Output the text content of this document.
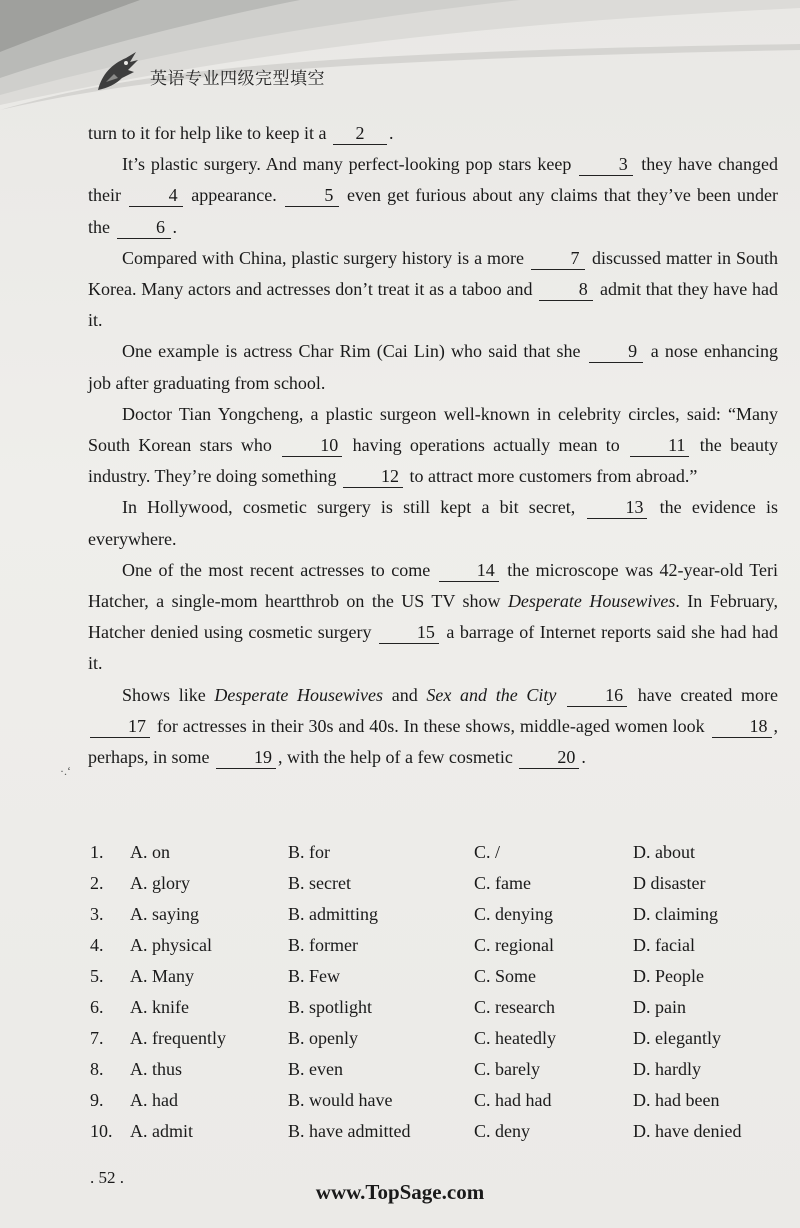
英语专业四级完型填空

turn to it for help like to keep it a 2 .

It’s plastic surgery. And many perfect-looking pop stars keep	3 they have changed their	4 appearance.	5 even get furious about any claims that they’ve been under the	6 .

Compared with China, plastic surgery history is a more	7 discussed matter in South Korea. Many actors and actresses don’t treat it as a taboo and	8 admit that they have had it.

One example is actress Char Rim (Cai Lin) who said that she	9 a nose enhancing job after graduating from school.

Doctor Tian Yongcheng, a plastic surgeon well-known in celebrity circles, said: “Many South Korean stars who	10 having operations actually mean to	11 the beauty industry. They’re doing something 12 to attract more customers from abroad.”

In Hollywood, cosmetic surgery is still kept a bit secret,	13 the evidence is everywhere.

One of the most recent actresses to come	14 the microscope was 42-year-old Teri Hatcher, a single-mom heartthrob on the US TV show Desperate Housewives. In February, Hatcher denied using cosmetic surgery	15 a barrage of Internet reports said she had had it.

Shows like Desperate Housewives and Sex and the City	16 have created more 17 for actresses in their 30s and 40s. In these shows, middle-aged women look 18 , perhaps, in some 19 , with the help of a few cosmetic 20 .

·.‘
1. A. on	B. for	C. /	D. about
2. A. glory	B. secret	C. fame	D disaster
3. A. saying	B. admitting	C. denying	D. claiming
4. A. physical	B. former	C. regional	D. facial
5. A. Many	B. Few	C. Some	D. People
6. A. knife	B. spotlight	C. research	D. pain
7. A. frequently	B. openly	C. heatedly	D. elegantly
8. A. thus	B. even	C. barely	D. hardly
9. A. had	B. would have	C. had had	D. had been
10. A. admit	B. have admitted	C. deny	D. have denied
. 52 .
www.TopSage.com
